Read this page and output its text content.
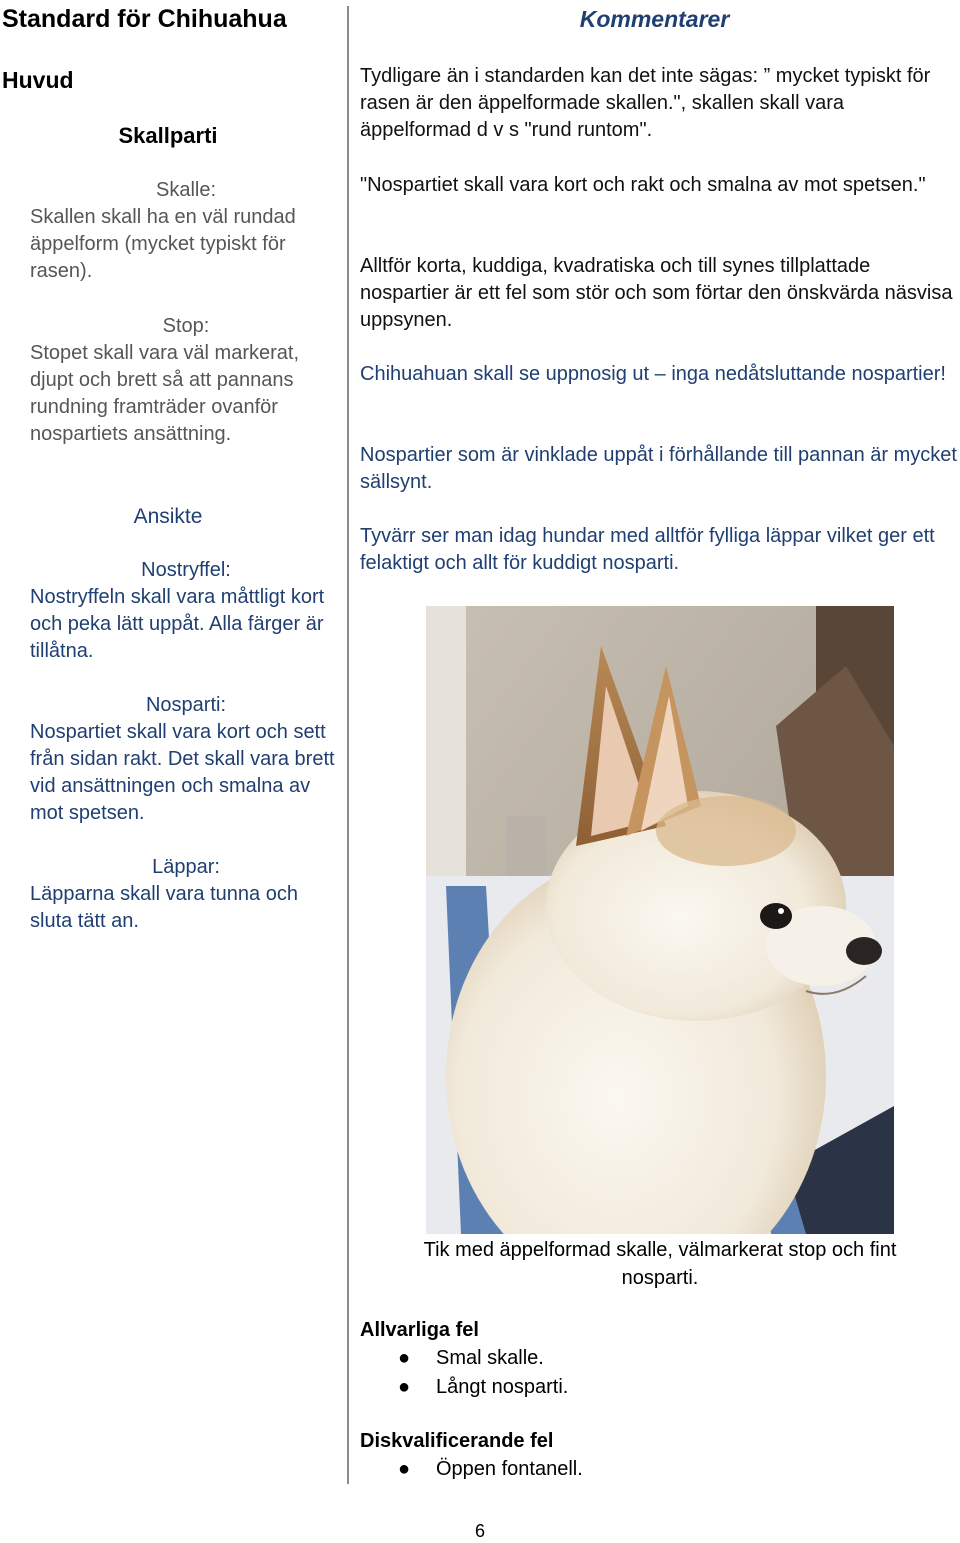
Standard för Chihuahua
Huvud
Skallparti
Skalle:
Skallen skall ha en väl rundad äppelform (mycket typiskt för rasen).
Stop:
Stopet skall vara väl markerat, djupt och brett så att pannans rundning framträder ovanför nospartiets ansättning.
Ansikte
Nostryffel:
Nostryffeln skall vara måttligt kort och peka lätt uppåt. Alla färger är tillåtna.
Nosparti:
Nospartiet skall vara kort och sett från sidan rakt. Det skall vara brett vid ansättningen och smalna av mot spetsen.
Läppar:
Läpparna skall vara tunna och sluta tätt an.
Kommentarer
Tydligare än i standarden kan det inte sägas: ” mycket typiskt för rasen är den äppelformade skallen.", skallen skall vara äppelformad d v s "rund runtom".
"Nospartiet skall vara kort och rakt och smalna av mot spetsen."
Alltför korta, kuddiga, kvadratiska och till synes tillplattade nospartier är ett fel som stör och som förtar den önskvärda näsvisa uppsynen.
Chihuahuan skall se uppnosig ut – inga nedåtsluttande nospartier!
Nospartier som är vinklade uppåt i förhållande till pannan är mycket sällsynt.
Tyvärr ser man idag hundar med alltför fylliga läppar vilket ger ett felaktigt och allt för kuddigt nosparti.
Tik med äppelformad skalle, välmarkerat stop och fint nosparti.
Allvarliga fel
● Smal skalle.
● Långt nosparti.
Diskvalificerande fel
● Öppen fontanell.
6
